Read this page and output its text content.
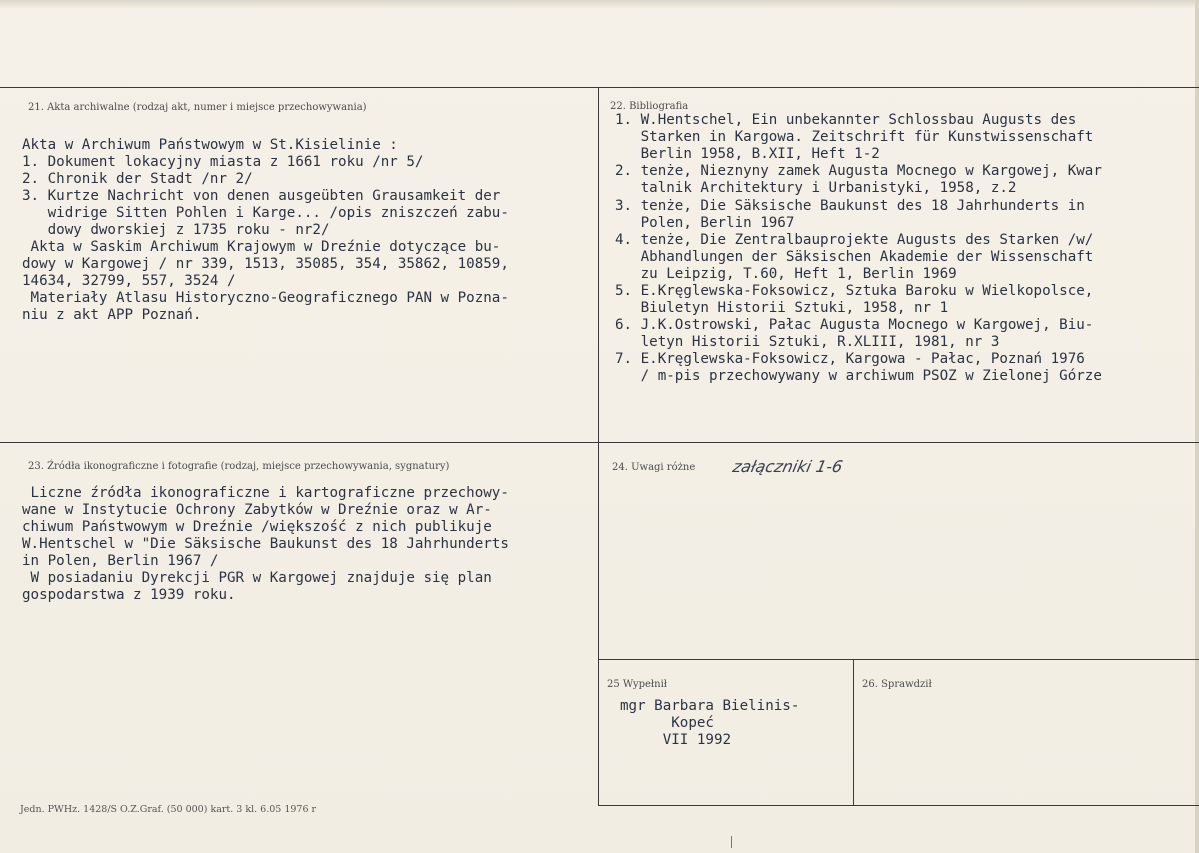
21. Akta archiwalne (rodzaj akt, numer i miejsce przechowywania)
Akta w Archiwum Państwowym w St.Kisielinie :
1. Dokument lokacyjny miasta z 1661 roku /nr 5/
2. Chronik der Stadt /nr 2/
3. Kurtze Nachricht von denen ausgeübten Grausamkeit der
widrige Sitten Pohlen i Karge... /opis zniszczeń zabu-
dowy dworskiej z 1735 roku - nr2/
Akta w Saskim Archiwum Krajowym w Dreźnie dotyczące bu-
dowy w Kargowej / nr 339, 1513, 35085, 354, 35862, 10859,
14634, 32799, 557, 3524 /
Materiały Atlasu Historyczno-Geograficznego PAN w Pozna-
niu z akt APP Poznań.
22. Bibliografia
1. W.Hentschel, Ein unbekannter Schlossbau Augusts des
Starken in Kargowa. Zeitschrift für Kunstwissenschaft
Berlin 1958, B.XII, Heft 1-2
2. tenże, Nieznyny zamek Augusta Mocnego w Kargowej, Kwar
talnik Architektury i Urbanistyki, 1958, z.2
3. tenże, Die Säksische Baukunst des 18 Jahrhunderts in
Polen, Berlin 1967
4. tenże, Die Zentralbauprojekte Augusts des Starken /w/
Abhandlungen der Säksischen Akademie der Wissenschaft
zu Leipzig, T.60, Heft 1, Berlin 1969
5. E.Kręglewska-Foksowicz, Sztuka Baroku w Wielkopolsce,
Biuletyn Historii Sztuki, 1958, nr 1
6. J.K.Ostrowski, Pałac Augusta Mocnego w Kargowej, Biu-
letyn Historii Sztuki, R.XLIII, 1981, nr 3
7. E.Kręglewska-Foksowicz, Kargowa - Pałac, Poznań 1976
/ m-pis przechowywany w archiwum PSOZ w Zielonej Górze
23. Źródła ikonograficzne i fotografie (rodzaj, miejsce przechowywania, sygnatury)
Liczne źródła ikonograficzne i kartograficzne przechowy-
wane w Instytucie Ochrony Zabytków w Dreźnie oraz w Ar-
chiwum Państwowym w Dreźnie /większość z nich publikuje
W.Hentschel w "Die Säksische Baukunst des 18 Jahrhunderts
in Polen, Berlin 1967 /
W posiadaniu Dyrekcji PGR w Kargowej znajduje się plan
gospodarstwa z 1939 roku.
24. Uwagi różne załączniki 1-6
25 Wypełnił
mgr Barbara Bielinis-
Kopeć
VII 1992
26. Sprawdził
Jedn. PWHz. 1428/S O.Z.Graf. (50 000) kart. 3 kl. 6.05 1976 r
